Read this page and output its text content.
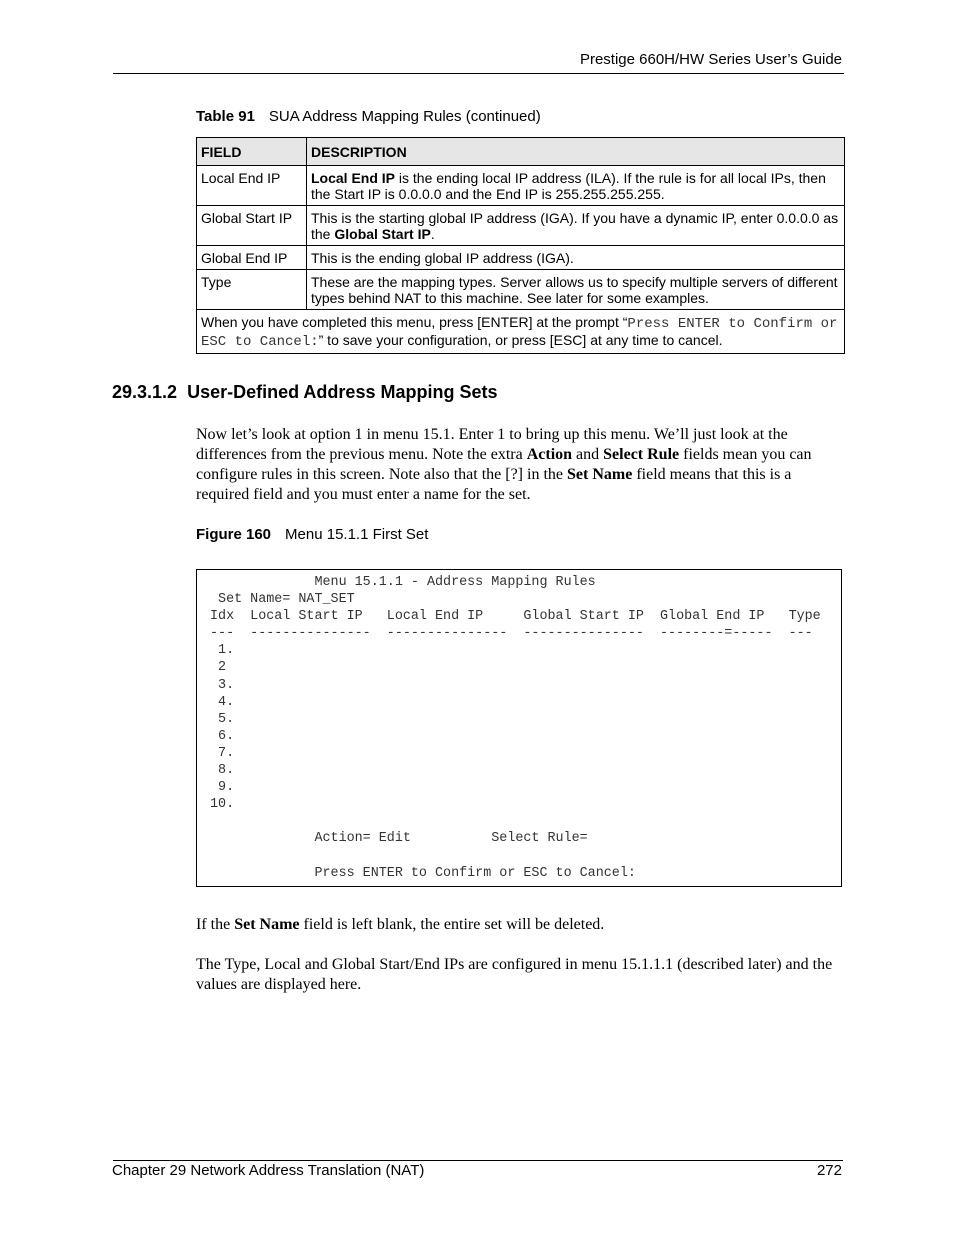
Prestige 660H/HW Series User’s Guide
Table 91 SUA Address Mapping Rules (continued)
FIELD	DESCRIPTION
Local End IP	Local End IP is the ending local IP address (ILA). If the rule is for all local IPs, then the Start IP is 0.0.0.0 and the End IP is 255.255.255.255.
Global Start IP	This is the starting global IP address (IGA). If you have a dynamic IP, enter 0.0.0.0 as the Global Start IP.
Global End IP	This is the ending global IP address (IGA).
Type	These are the mapping types. Server allows us to specify multiple servers of different types behind NAT to this machine. See later for some examples.
When you have completed this menu, press [ENTER] at the prompt “Press ENTER to Confirm or ESC to Cancel:” to save your configuration, or press [ESC] at any time to cancel.	
29.3.1.2 User-Defined Address Mapping Sets
Now let’s look at option 1 in menu 15.1. Enter 1 to bring up this menu. We’ll just look at the differences from the previous menu. Note the extra Action and Select Rule fields mean you can configure rules in this screen. Note also that the [?] in the Set Name field means that this is a required field and you must enter a name for the set.
Figure 160 Menu 15.1.1 First Set
Menu 15.1.1 - Address Mapping Rules
Set Name= NAT_SET
Idx  Local Start IP   Local End IP     Global Start IP  Global End IP   Type
---  ---------------  ---------------  ---------------  --------=-----  ---
1.
2
3.
4.
5.
6.
7.
8.
9.
10.

Action= Edit          Select Rule=

Press ENTER to Confirm or ESC to Cancel:
If the Set Name field is left blank, the entire set will be deleted.
The Type, Local and Global Start/End IPs are configured in menu 15.1.1.1 (described later) and the values are displayed here.
Chapter 29 Network Address Translation (NAT)	272
